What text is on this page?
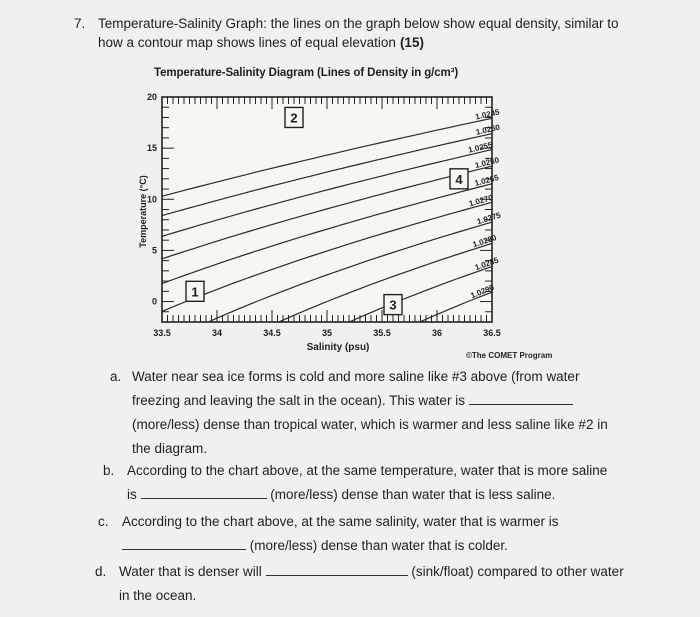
7. Temperature-Salinity Graph: the lines on the graph below show equal density, similar to
how a contour map shows lines of equal elevation (15)
Temperature-Salinity Diagram (Lines of Density in g/cm³)
33.5	34	34.5	35	35.5	36	36.5
0
5
10
15
20
Salinity (psu)
Temperature (°C)
1.0245
1.0250
1.0255
1.0260
1.0265
1.0270
1.0275
1.0280
1.0285
1.0290
1
2
3
4
©The COMET Program
a. Water near sea ice forms is cold and more saline like #3 above (from water
freezing and leaving the salt in the ocean). This water is
(more/less) dense than tropical water, which is warmer and less saline like #2 in
the diagram.
b. According to the chart above, at the same temperature, water that is more saline
is	(more/less) dense than water that is less saline.
c. According to the chart above, at the same salinity, water that is warmer is
(more/less) dense than water that is colder.
d. Water that is denser will	(sink/float) compared to other water
in the ocean.
